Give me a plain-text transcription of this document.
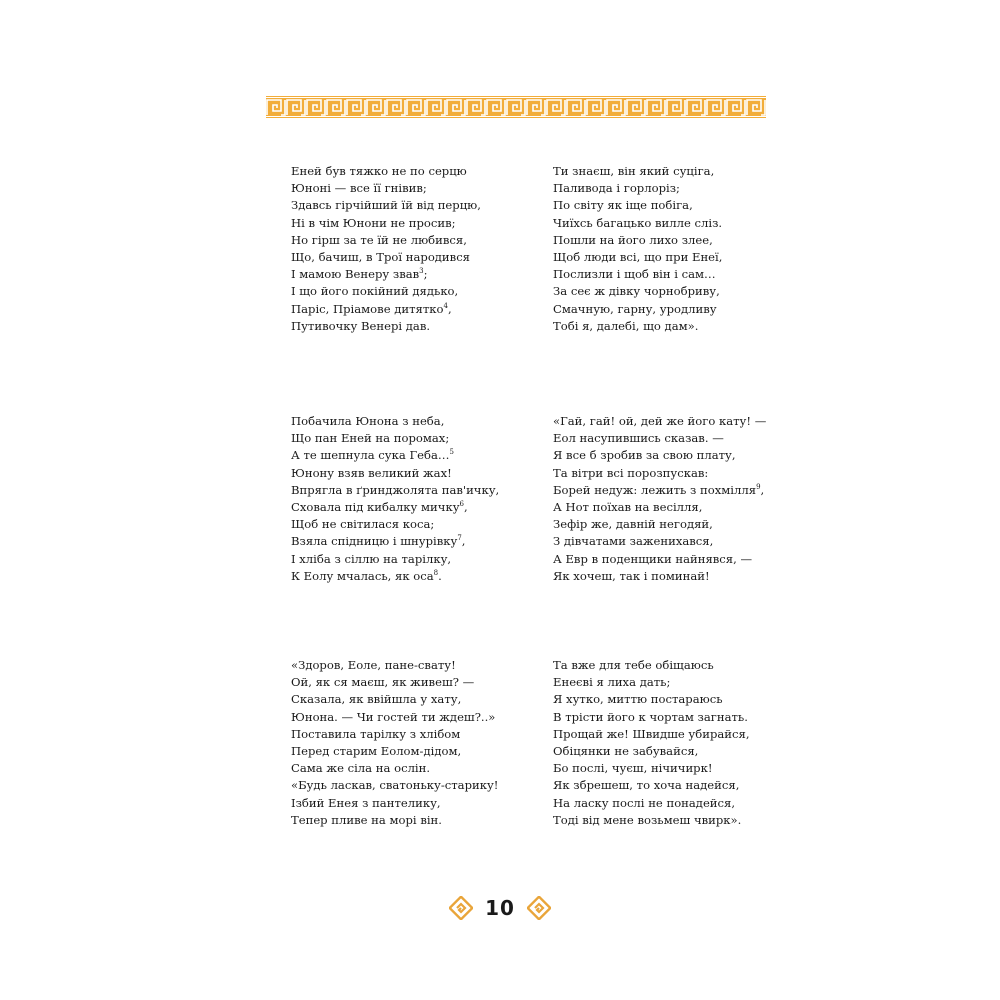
Еней був тяжко не по серцю
Юноні — все її гнівив;
Здавсь гірчійший їй від перцю,
Ні в чім Юнони не просив;
Но гірш за те їй не любився,
Що, бачиш, в Трої народився
І мамою Венеру звав$^3$;
І що його покійний дядько,
Паріс, Пріамове дитятко$^4$,
Путивочку Венері дав.
Ти знаєш, він який суціга,
Паливода і горлоріз;
По світу як іще побіга,
Чиїхсь багацько вилле сліз.
Пошли на його лихо злее,
Щоб люди всі, що при Енеї,
Послизли і щоб він і сам…
За сеє ж дівку чорнобриву,
Смачную, гарну, уродливу
Тобі я, далебі, що дам».
Побачила Юнона з неба,
Що пан Еней на поромах;
А те шепнула сука Геба…$^5$
Юнону взяв великий жах!
Впрягла в ґринджолята пав'ичку,
Сховала під кибалку мичку$^6$,
Щоб не світилася коса;
Взяла спідницю і шнурівку$^7$,
І хліба з сіллю на тарілку,
К Еолу мчалась, як оса$^8$.
«Гай, гай! ой, дей же його кату! —
Еол насупившись сказав. —
Я все б зробив за свою плату,
Та вітри всі порозпускав:
Борей недуж: лежить з похмілля$^9$,
А Нот поїхав на весілля,
Зефір же, давній негодяй,
З дівчатами заженихався,
А Евр в поденщики найнявся, —
Як хочеш, так і поминай!
«Здоров, Еоле, пане-свату!
Ой, як ся маєш, як живеш? —
Сказала, як ввійшла у хату,
Юнона. — Чи гостей ти ждеш?..»
Поставила тарілку з хлібом
Перед старим Еолом-дідом,
Сама же сіла на ослін.
«Будь ласкав, сватоньку-старику!
Ізбий Енея з пантелику,
Тепер пливе на морі він.
Та вже для тебе обіщаюсь
Енеєві я лиха дать;
Я хутко, миттю постараюсь
В трісти його к чортам загнать.
Прощай же! Швидше убирайся,
Обіцянки не забувайся,
Бо послі, чуєш, нічичирк!
Як збрешеш, то хоча надейся,
На ласку послі не понадейся,
Тоді від мене возьмеш чвирк».
10
